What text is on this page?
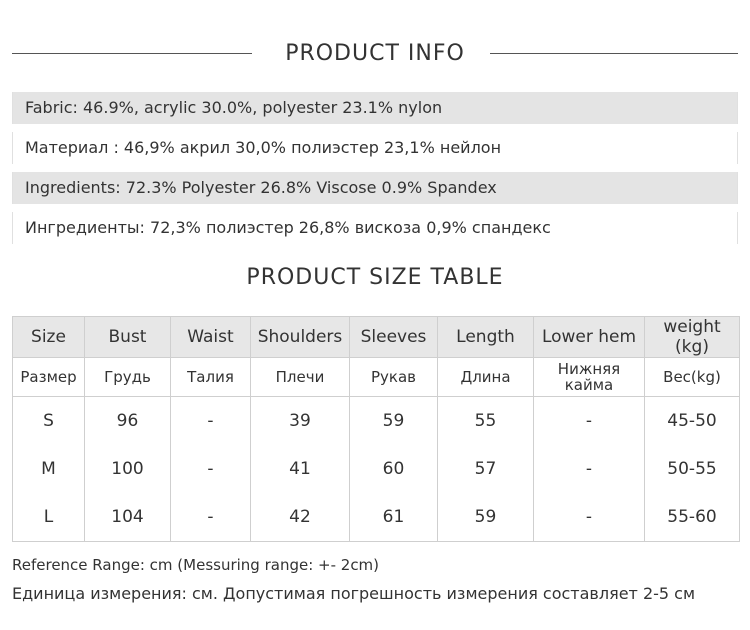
PRODUCT INFO
Fabric: 46.9%, acrylic 30.0%, polyester 23.1% nylon
Материал : 46,9% акрил 30,0% полиэстер 23,1% нейлон
Ingredients: 72.3% Polyester 26.8% Viscose 0.9% Spandex
Ингредиенты: 72,3% полиэстер 26,8% вискоза 0,9% спандекс
PRODUCT SIZE TABLE
Size	Bust	Waist	Shoulders	Sleeves	Length	Lower hem	weight (kg)
Размер	Грудь	Талия	Плечи	Рукав	Длина	Нижняя кайма	Вес(kg)
S	96	-	39	59	55	-	45-50
M	100	-	41	60	57	-	50-55
L	104	-	42	61	59	-	55-60
Reference Range: cm (Messuring range: +- 2cm)
Единица измерения: см. Допустимая погрешность измерения составляет 2-5 см
